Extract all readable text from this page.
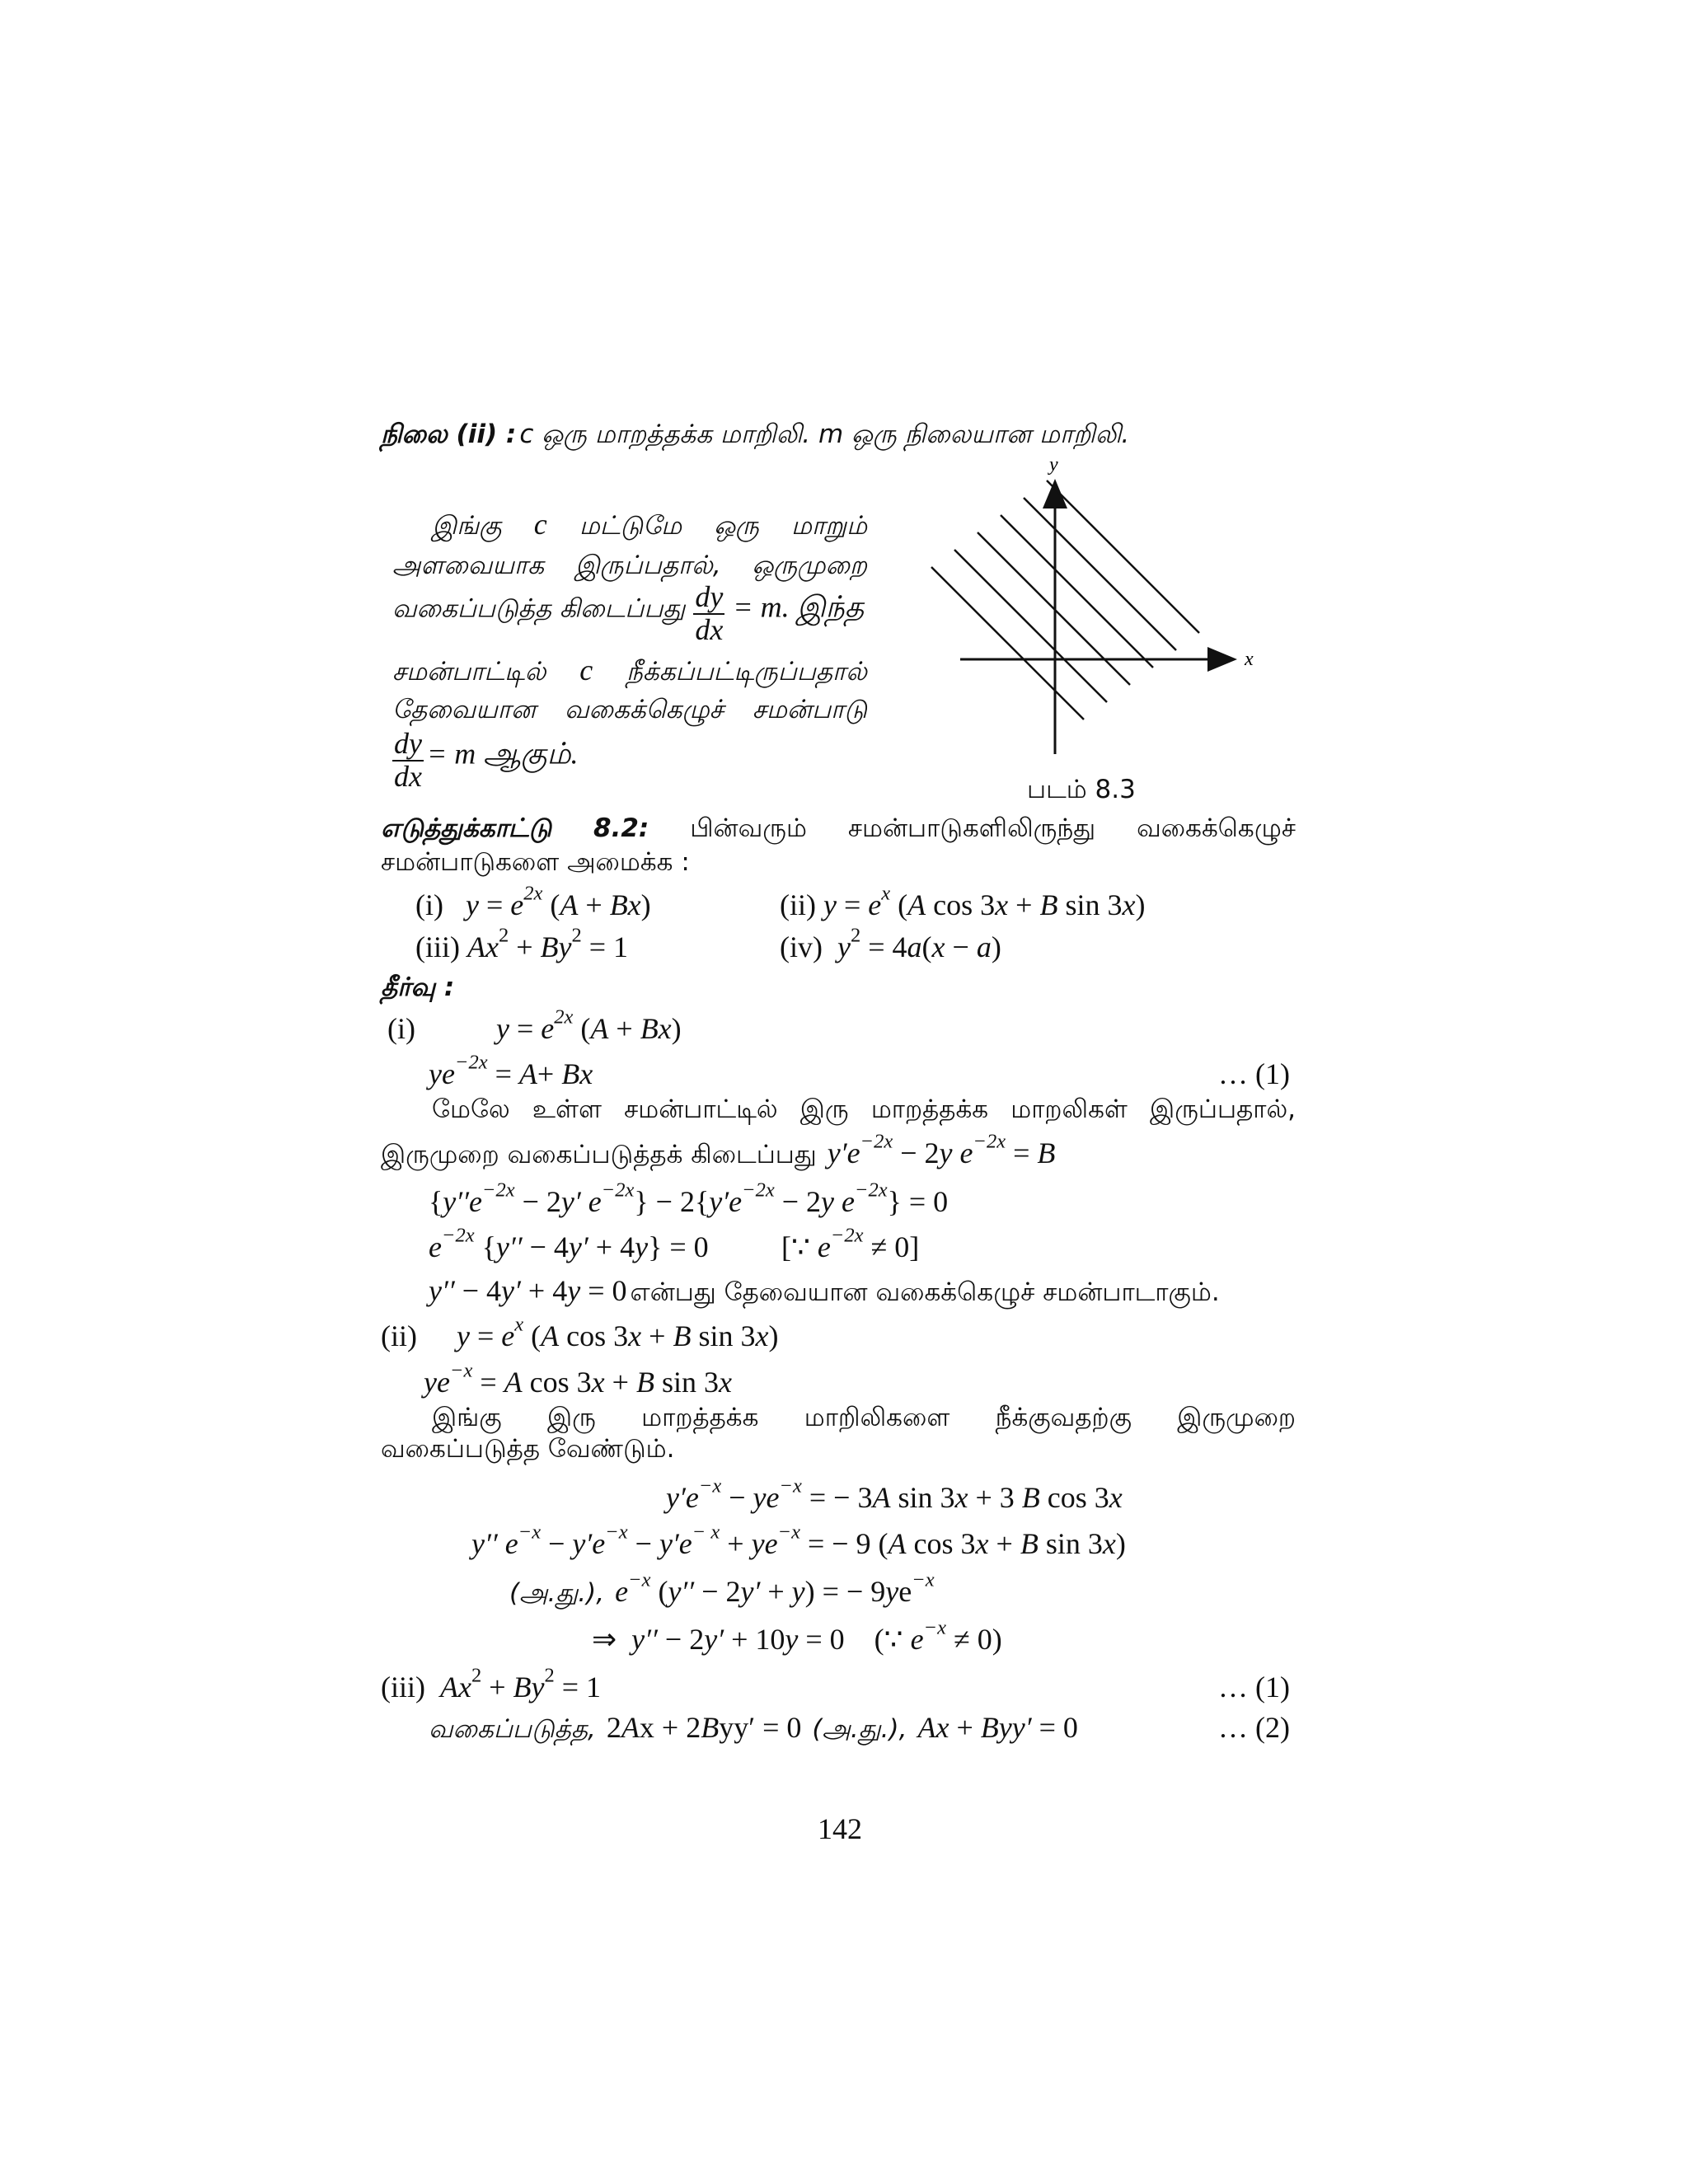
நிலை (ii) : c ஒரு மாறத்தக்க மாறிலி. m ஒரு நிலையான மாறிலி.
இங்கு c மட்டுமே ஒரு மாறும்
அளவையாக இருப்பதால், ஒருமுறை
வகைப்படுத்த கிடைப்பது $\frac{dy}{dx} = m$. இந்த
சமன்பாட்டில் c நீக்கப்பட்டிருப்பதால்
தேவையான வகைக்கெழுச் சமன்பாடு
$\frac{dy}{dx} = m$ ஆகும்.
y
x
படம் 8.3
எடுத்துக்காட்டு 8.2: பின்வரும் சமன்பாடுகளிலிருந்து வகைக்கெழுச்
சமன்பாடுகளை அமைக்க :
(i)   $y = e^{2x}$ (A + Bx)	(ii) $y = e^x$ (A cos 3x + B sin 3x)
(iii) $Ax^2 + By^2 = 1$	(iv)  $y^2 = 4a(x - a)$
தீர்வு :
(i)	$y = e^{2x}$ (A + Bx)
$ye^{-2x} = A+ Bx$	… (1)
மேலே உள்ள சமன்பாட்டில் இரு மாறத்தக்க மாறலிகள் இருப்பதால்,
இருமுறை வகைப்படுத்தக் கிடைப்பது $y'e^{-2x} - 2y$ $e^{-2x} = B$
{$y''e^{-2x} - 2y'$ $e^{-2x}\} - 2\{y'e^{-2x} - 2y$ $e^{-2x}\} = 0$
$e^{-2x}$ {y′′ − 4y′ + 4y} = 0 [∵ $e^{-2x} \ne 0$]
y′′ − 4y′ + 4y = 0 என்பது தேவையான வகைக்கெழுச் சமன்பாடாகும்.
(ii) $y = e^x$ (A cos 3x + B sin 3x)
$ye^{-x} = A$ cos 3x + B sin 3x
இங்கு இரு மாறத்தக்க மாறிலிகளை நீக்குவதற்கு இருமுறை
வகைப்படுத்த வேண்டும்.
$y'e^{-x} - ye^{-x}$ = − 3A sin 3x + 3 B cos 3x
y′′ $e^{-x} - y'e^{-x} - y'e^{- x} + ye^{-x}$ = − 9 (A cos 3x + B sin 3x)
(அ.து.), $e^{-x}$ (y′′ − 2y′ + y) = − $9ye^{-x}$
⇒  y′′ − 2y′ + 10y = 0    (∵ $e^{-x} \ne 0$)
(iii) $Ax^2 + By^2 = 1$	… (1)
வகைப்படுத்த,  2Ax + 2Byy′ = 0  (அ.து.), Ax + Byy′ = 0	… (2)
142
